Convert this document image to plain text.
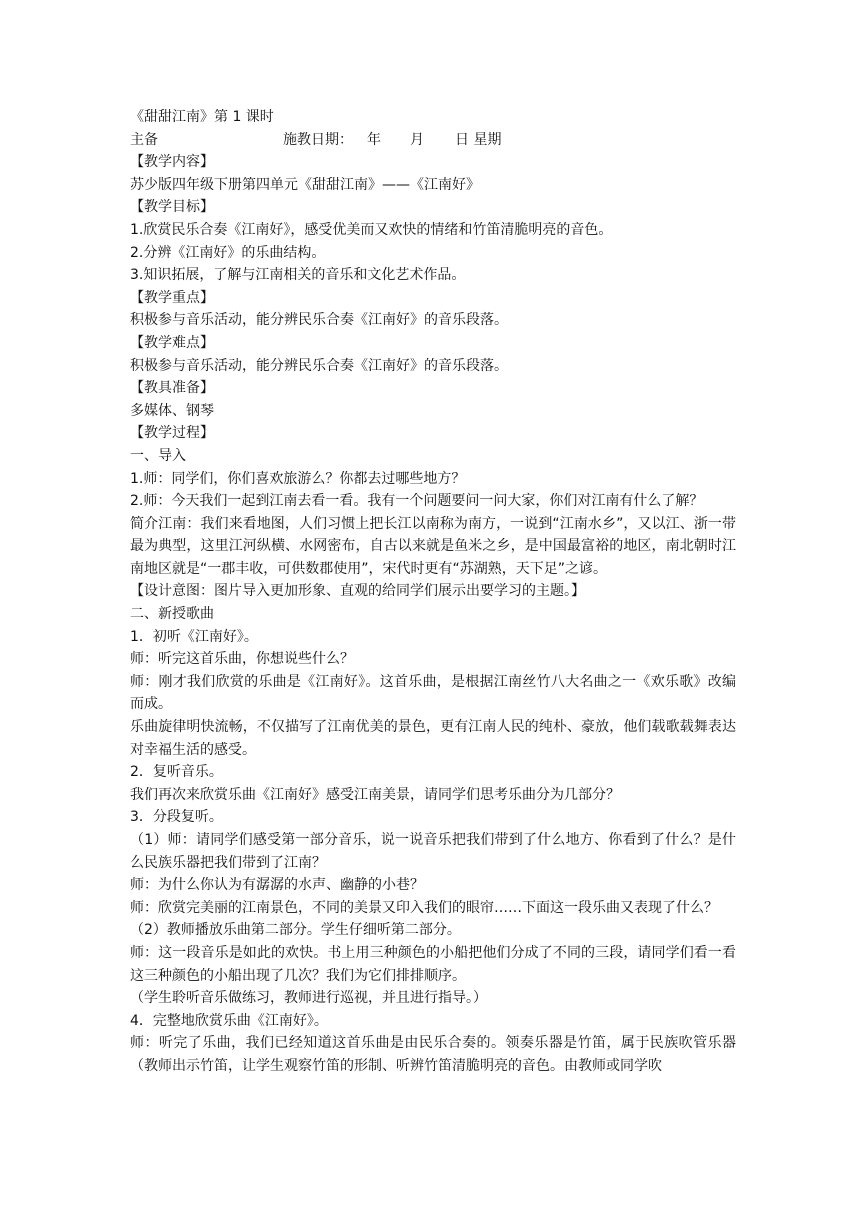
《甜甜江南》第 1 课时
主备	施教日期：	年	月	日 星期
【教学内容】
苏少版四年级下册第四单元《甜甜江南》——《江南好》
【教学目标】
1.欣赏民乐合奏《江南好》，感受优美而又欢快的情绪和竹笛清脆明亮的音色。
2.分辨《江南好》的乐曲结构。
3.知识拓展，了解与江南相关的音乐和文化艺术作品。
【教学重点】
积极参与音乐活动，能分辨民乐合奏《江南好》的音乐段落。
【教学难点】
积极参与音乐活动，能分辨民乐合奏《江南好》的音乐段落。
【教具准备】
多媒体、钢琴
【教学过程】
一、导入
1.师：同学们，你们喜欢旅游么？你都去过哪些地方？
2.师：今天我们一起到江南去看一看。我有一个问题要问一问大家，你们对江南有什么了解？
简介江南：我们来看地图，人们习惯上把长江以南称为南方，一说到“江南水乡”，又以江、浙一带最为典型，这里江河纵横、水网密布，自古以来就是鱼米之乡，是中国最富裕的地区，南北朝时江南地区就是“一郡丰收，可供数郡使用”，宋代时更有“苏湖熟，天下足”之谚。
【设计意图：图片导入更加形象、直观的给同学们展示出要学习的主题。】
二、新授歌曲
1．初听《江南好》。
师：听完这首乐曲，你想说些什么？
师：刚才我们欣赏的乐曲是《江南好》。这首乐曲，是根据江南丝竹八大名曲之一《欢乐歌》改编而成。
乐曲旋律明快流畅，不仅描写了江南优美的景色，更有江南人民的纯朴、豪放，他们载歌载舞表达对幸福生活的感受。
2．复听音乐。
我们再次来欣赏乐曲《江南好》感受江南美景，请同学们思考乐曲分为几部分？
3．分段复听。
（1）师：请同学们感受第一部分音乐，说一说音乐把我们带到了什么地方、你看到了什么？是什么民族乐器把我们带到了江南？
师：为什么你认为有潺潺的水声、幽静的小巷？
师：欣赏完美丽的江南景色，不同的美景又印入我们的眼帘……下面这一段乐曲又表现了什么？
（2）教师播放乐曲第二部分。学生仔细听第二部分。
师：这一段音乐是如此的欢快。书上用三种颜色的小船把他们分成了不同的三段，请同学们看一看这三种颜色的小船出现了几次？我们为它们排排顺序。
（学生聆听音乐做练习，教师进行巡视，并且进行指导。）
4．完整地欣赏乐曲《江南好》。
师：听完了乐曲，我们已经知道这首乐曲是由民乐合奏的。领奏乐器是竹笛，属于民族吹管乐器（教师出示竹笛，让学生观察竹笛的形制、听辨竹笛清脆明亮的音色。由教师或同学吹
